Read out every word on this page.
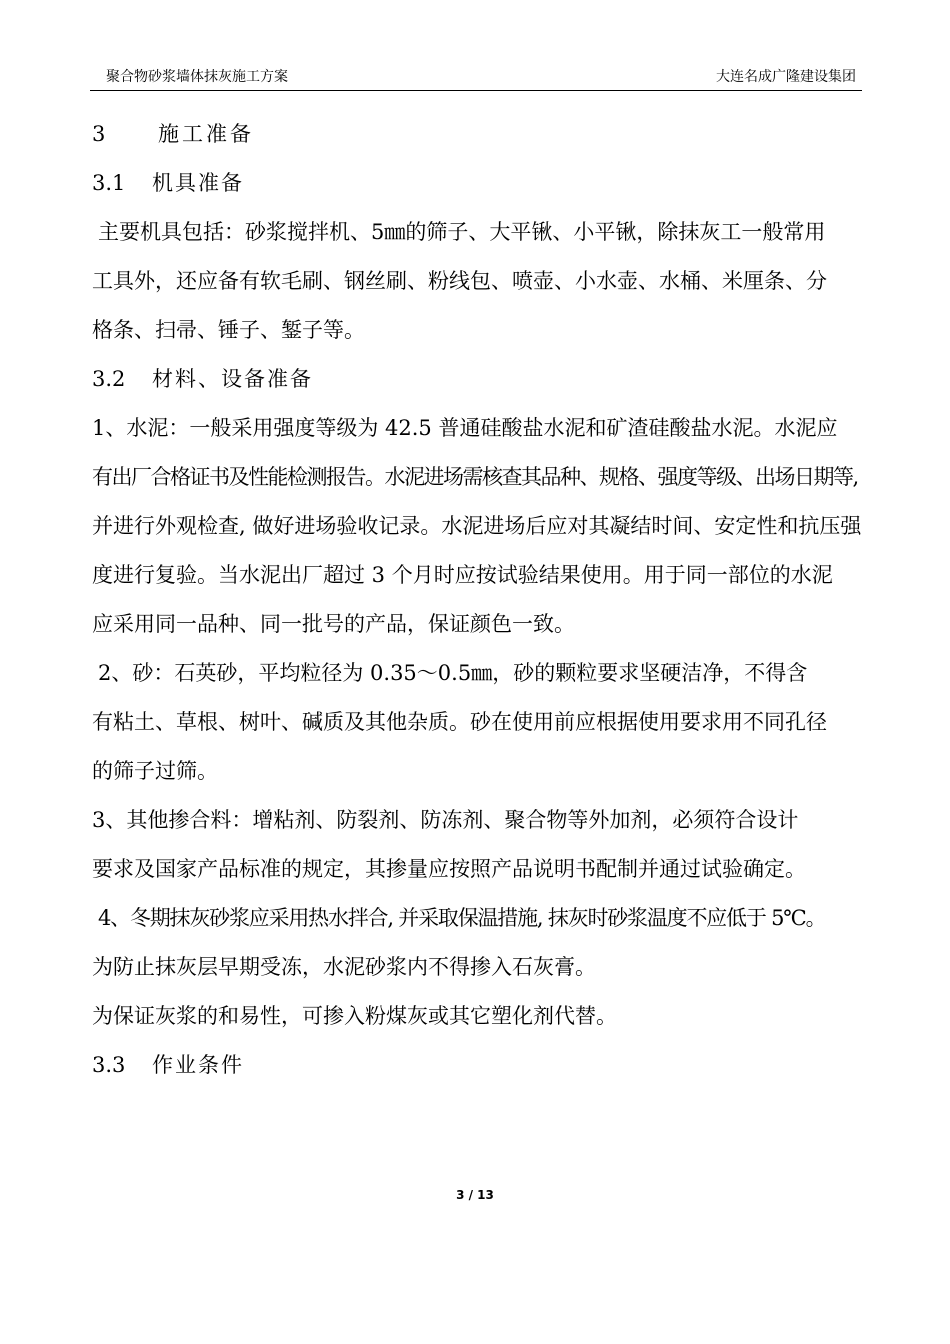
聚合物砂浆墙体抹灰施工方案	大连名成广隆建设集团
3	施工准备
3.1	机具准备
主要机具包括：砂浆搅拌机、5㎜的筛子、大平锹、小平锹，除抹灰工一般常用
工具外，还应备有软毛刷、钢丝刷、粉线包、喷壶、小水壶、水桶、米厘条、分
格条、扫帚、锤子、錾子等。
3.2	材料、设备准备
1、水泥：一般采用强度等级为 42.5 普通硅酸盐水泥和矿渣硅酸盐水泥。水泥应
有出厂合格证书及性能检测报告。水泥进场需核查其品种、规格、强度等级、出场日期等,
并进行外观检查, 做好进场验收记录。水泥进场后应对其凝结时间、安定性和抗压强
度进行复验。当水泥出厂超过 3 个月时应按试验结果使用。用于同一部位的水泥
应采用同一品种、同一批号的产品，保证颜色一致。
2、砂：石英砂，平均粒径为 0.35～0.5㎜，砂的颗粒要求坚硬洁净，不得含
有粘土、草根、树叶、碱质及其他杂质。砂在使用前应根据使用要求用不同孔径
的筛子过筛。
3、其他掺合料：增粘剂、防裂剂、防冻剂、聚合物等外加剂，必须符合设计
要求及国家产品标准的规定，其掺量应按照产品说明书配制并通过试验确定。
4、冬期抹灰砂浆应采用热水拌合, 并采取保温措施, 抹灰时砂浆温度不应低于 5℃。
为防止抹灰层早期受冻，水泥砂浆内不得掺入石灰膏。
为保证灰浆的和易性，可掺入粉煤灰或其它塑化剂代替。
3.3	作业条件
3 / 13
